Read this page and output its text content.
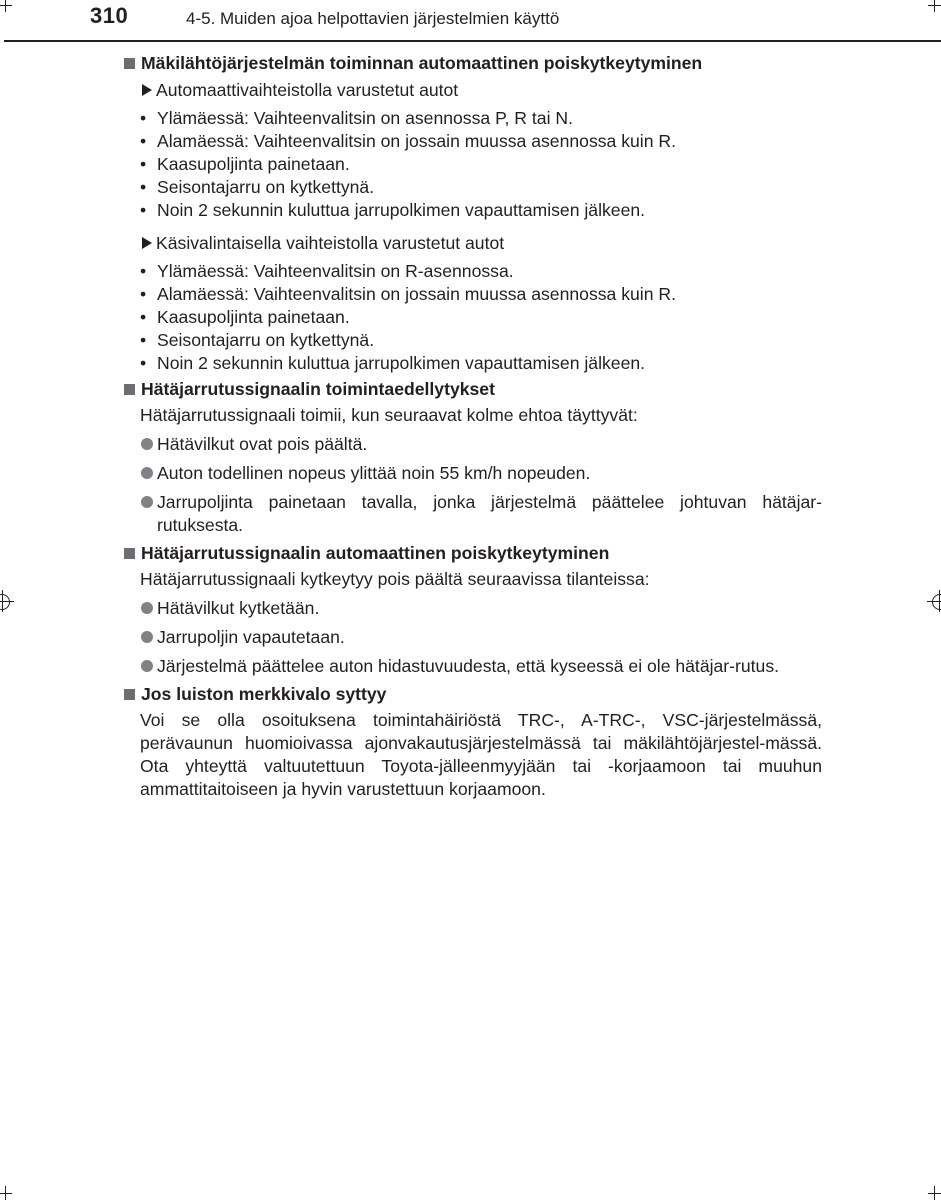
310	4-5. Muiden ajoa helpottavien järjestelmien käyttö
Mäkilähtöjärjestelmän toiminnan automaattinen poiskytkeytyminen
Automaattivaihteistolla varustetut autot
• Ylämäessä: Vaihteenvalitsin on asennossa P, R tai N.
• Alamäessä: Vaihteenvalitsin on jossain muussa asennossa kuin R.
• Kaasupoljinta painetaan.
• Seisontajarru on kytkettynä.
• Noin 2 sekunnin kuluttua jarrupolkimen vapauttamisen jälkeen.
Käsivalintaisella vaihteistolla varustetut autot
• Ylämäessä: Vaihteenvalitsin on R-asennossa.
• Alamäessä: Vaihteenvalitsin on jossain muussa asennossa kuin R.
• Kaasupoljinta painetaan.
• Seisontajarru on kytkettynä.
• Noin 2 sekunnin kuluttua jarrupolkimen vapauttamisen jälkeen.
Hätäjarrutussignaalin toimintaedellytykset
Hätäjarrutussignaali toimii, kun seuraavat kolme ehtoa täyttyvät:
Hätävilkut ovat pois päältä.
Auton todellinen nopeus ylittää noin 55 km/h nopeuden.
Jarrupoljinta painetaan tavalla, jonka järjestelmä päättelee johtuvan hätäjar-rutuksesta.
Hätäjarrutussignaalin automaattinen poiskytkeytyminen
Hätäjarrutussignaali kytkeytyy pois päältä seuraavissa tilanteissa:
Hätävilkut kytketään.
Jarrupoljin vapautetaan.
Järjestelmä päättelee auton hidastuvuudesta, että kyseessä ei ole hätäjar-rutus.
Jos luiston merkkivalo syttyy
Voi se olla osoituksena toimintahäiriöstä TRC-, A-TRC-, VSC-järjestelmässä, perävaunun huomioivassa ajonvakautusjärjestelmässä tai mäkilähtöjärjestel-mässä. Ota yhteyttä valtuutettuun Toyota-jälleenmyyjään tai -korjaamoon tai muuhun ammattitaitoiseen ja hyvin varustettuun korjaamoon.
